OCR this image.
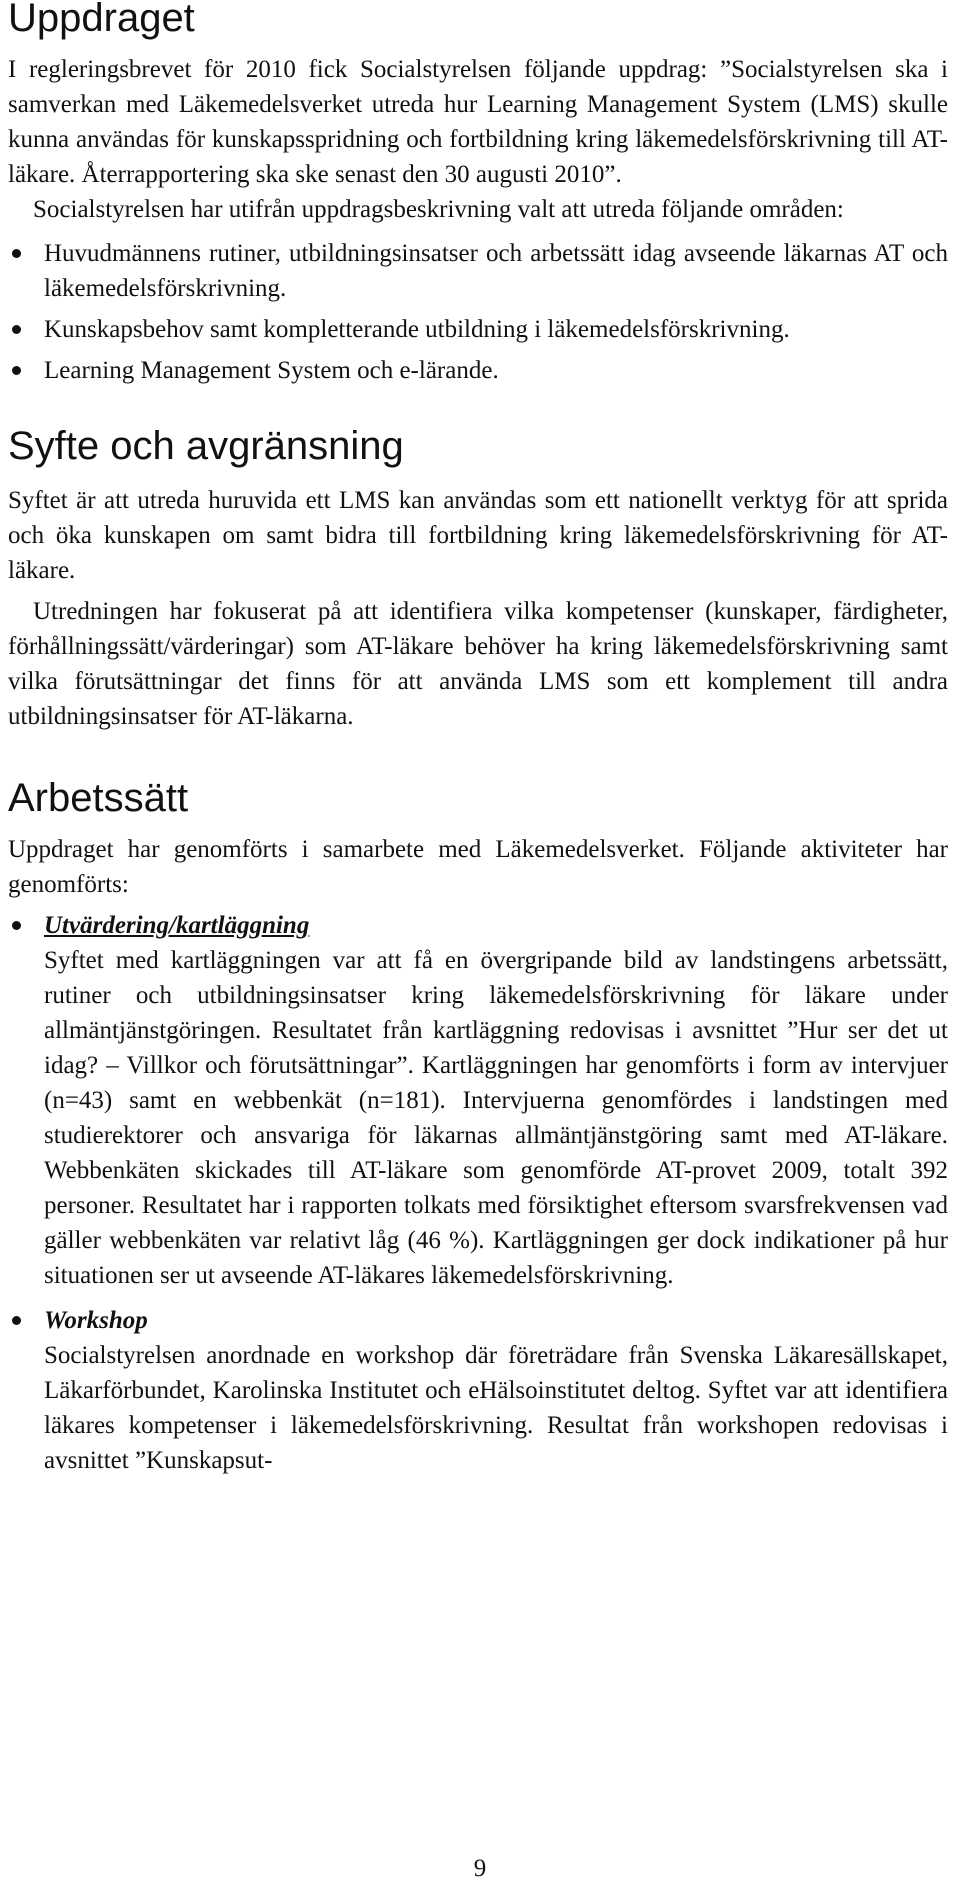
Uppdraget

I regleringsbrevet för 2010 fick Socialstyrelsen följande uppdrag: ”Socialstyrelsen ska i samverkan med Läkemedelsverket utreda hur Learning Management System (LMS) skulle kunna användas för kunskapsspridning och fortbildning kring läkemedelsförskrivning till AT-läkare. Återrapportering ska ske senast den 30 augusti 2010”.

Socialstyrelsen har utifrån uppdragsbeskrivning valt att utreda följande områden:

Huvudmännens rutiner, utbildningsinsatser och arbetssätt idag avseende läkarnas AT och läkemedelsförskrivning.
Kunskapsbehov samt kompletterande utbildning i läkemedelsförskrivning.
Learning Management System och e-lärande.
Syfte och avgränsning

Syftet är att utreda huruvida ett LMS kan användas som ett nationellt verktyg för att sprida och öka kunskapen om samt bidra till fortbildning kring läkemedelsförskrivning för AT-läkare.

Utredningen har fokuserat på att identifiera vilka kompetenser (kunskaper, färdigheter, förhållningssätt/värderingar) som AT-läkare behöver ha kring läkemedelsförskrivning samt vilka förutsättningar det finns för att använda LMS som ett komplement till andra utbildningsinsatser för AT-läkarna.

Arbetssätt

Uppdraget har genomförts i samarbete med Läkemedelsverket. Följande aktiviteter har genomförts:

Utvärdering/kartläggning
Syftet med kartläggningen var att få en övergripande bild av landstingens arbetssätt, rutiner och utbildningsinsatser kring läkemedelsförskrivning för läkare under allmäntjänstgöringen. Resultatet från kartläggning redovisas i avsnittet ”Hur ser det ut idag? – Villkor och förutsättningar”. Kartläggningen har genomförts i form av intervjuer (n=43) samt en webbenkät (n=181). Intervjuerna genomfördes i landstingen med studierektorer och ansvariga för läkarnas allmäntjänstgöring samt med AT-läkare. Webbenkäten skickades till AT-läkare som genomförde AT-provet 2009, totalt 392 personer. Resultatet har i rapporten tolkats med försiktighet eftersom svarsfrekvensen vad gäller webbenkäten var relativt låg (46 %). Kartläggningen ger dock indikationer på hur situationen ser ut avseende AT-läkares läkemedelsförskrivning.
Workshop
Socialstyrelsen anordnade en workshop där företrädare från Svenska Läkaresällskapet, Läkarförbundet, Karolinska Institutet och eHälsoinstitutet deltog. Syftet var att identifiera läkares kompetenser i läkemedelsförskrivning. Resultat från workshopen redovisas i avsnittet ”Kunskapsut-
9
